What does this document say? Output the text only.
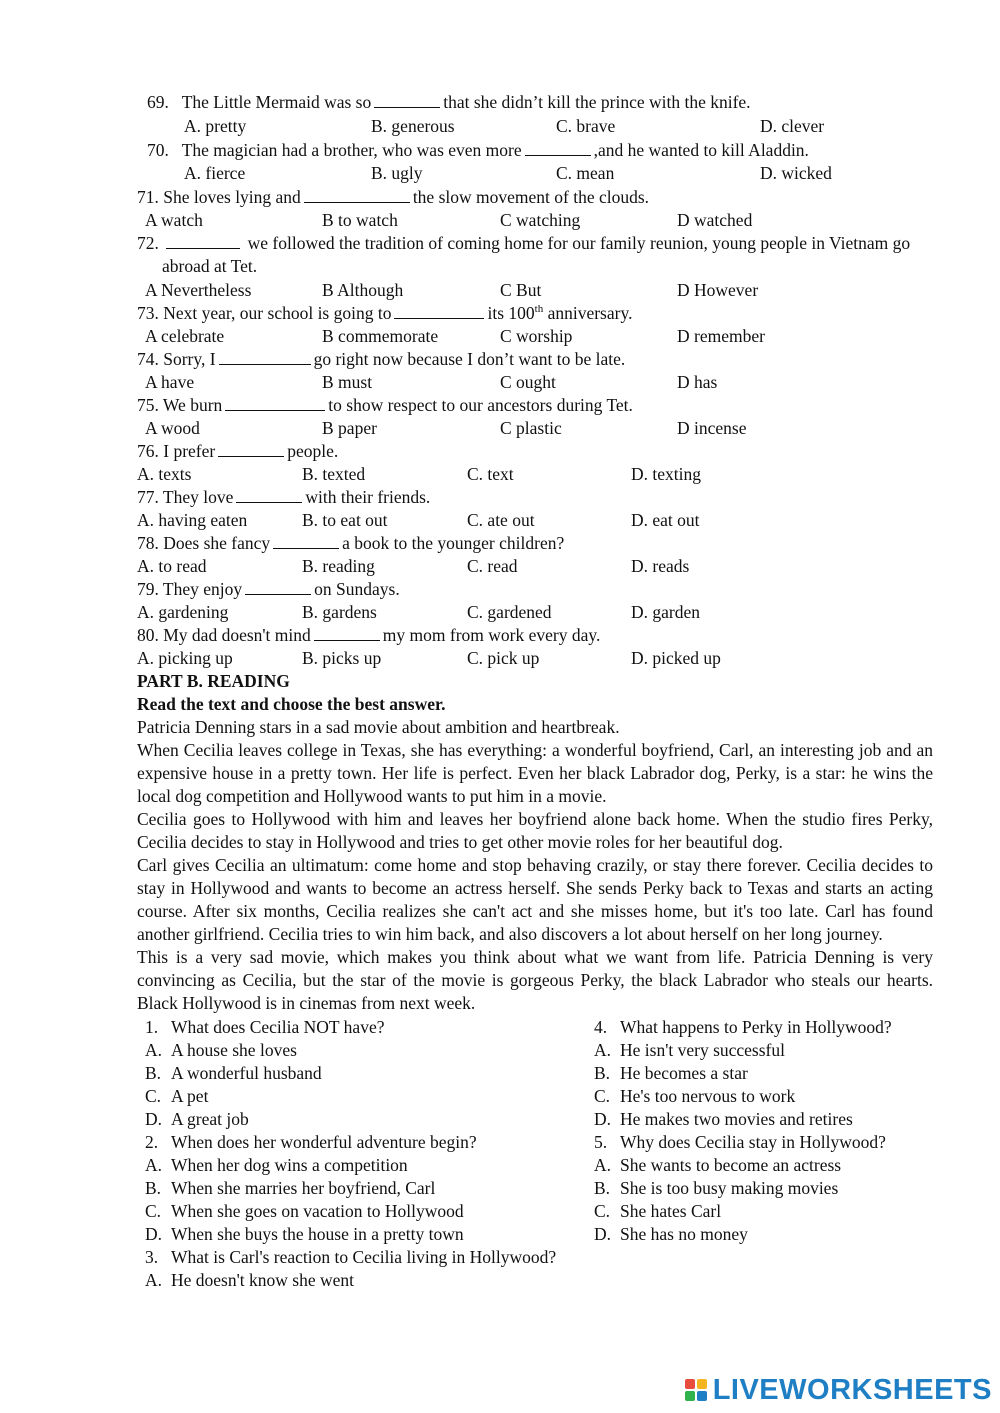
69. The Little Mermaid was so	that she didn’t kill the prince with the knife.
A. pretty	B. generous	C. brave	D. clever
70. The magician had a brother, who was even more	,and he wanted to kill Aladdin.
A. fierce	B. ugly	C. mean	D. wicked
71. She loves lying and	the slow movement of the clouds.
A watch	B to watch	C watching	D watched
72.	we followed the tradition of coming home for our family reunion, young people in Vietnam go
abroad at Tet.
A Nevertheless	B Although	C But	D However
73. Next year, our school is going to	its 100th anniversary.
A celebrate	B commemorate	C worship	D remember
74. Sorry, I	go right now because I don’t want to be late.
A have	B must	C ought	D has
75. We burn	to show respect to our ancestors during Tet.
A wood	B paper	C plastic	D incense
76. I prefer	people.
A. texts	B. texted	C. text	D. texting
77. They love	with their friends.
A. having eaten	B. to eat out	C. ate out	D. eat out
78. Does she fancy	a book to the younger children?
A. to read	B. reading	C. read	D. reads
79. They enjoy	on Sundays.
A. gardening	B. gardens	C. gardened	D. garden
80. My dad doesn't mind	my mom from work every day.
A. picking up	B. picks up	C. pick up	D. picked up
PART B. READING
Read the text and choose the best answer.
Patricia Denning stars in a sad movie about ambition and heartbreak.
When Cecilia leaves college in Texas, she has everything: a wonderful boyfriend, Carl, an interesting job and an expensive house in a pretty town. Her life is perfect. Even her black Labrador dog, Perky, is a star: he wins the local dog competition and Hollywood wants to put him in a movie.
Cecilia goes to Hollywood with him and leaves her boyfriend alone back home. When the studio fires Perky, Cecilia decides to stay in Hollywood and tries to get other movie roles for her beautiful dog.
Carl gives Cecilia an ultimatum: come home and stop behaving crazily, or stay there forever. Cecilia decides to stay in Hollywood and wants to become an actress herself. She sends Perky back to Texas and starts an acting course. After six months, Cecilia realizes she can't act and she misses home, but it's too late. Carl has found another girlfriend. Cecilia tries to win him back, and also discovers a lot about herself on her long journey.
This is a very sad movie, which makes you think about what we want from life. Patricia Denning is very convincing as Cecilia, but the star of the movie is gorgeous Perky, the black Labrador who steals our hearts. Black Hollywood is in cinemas from next week.
1. What does Cecilia NOT have?
A. A house she loves
B. A wonderful husband
C. A pet
D. A great job
2. When does her wonderful adventure begin?
A. When her dog wins a competition
B. When she marries her boyfriend, Carl
C. When she goes on vacation to Hollywood
D. When she buys the house in a pretty town
3. What is Carl's reaction to Cecilia living in Hollywood?
A. He doesn't know she went
4. What happens to Perky in Hollywood?
A. He isn't very successful
B. He becomes a star
C. He's too nervous to work
D. He makes two movies and retires
5. Why does Cecilia stay in Hollywood?
A. She wants to become an actress
B. She is too busy making movies
C. She hates Carl
D. She has no money
LIVEWORKSHEETS
